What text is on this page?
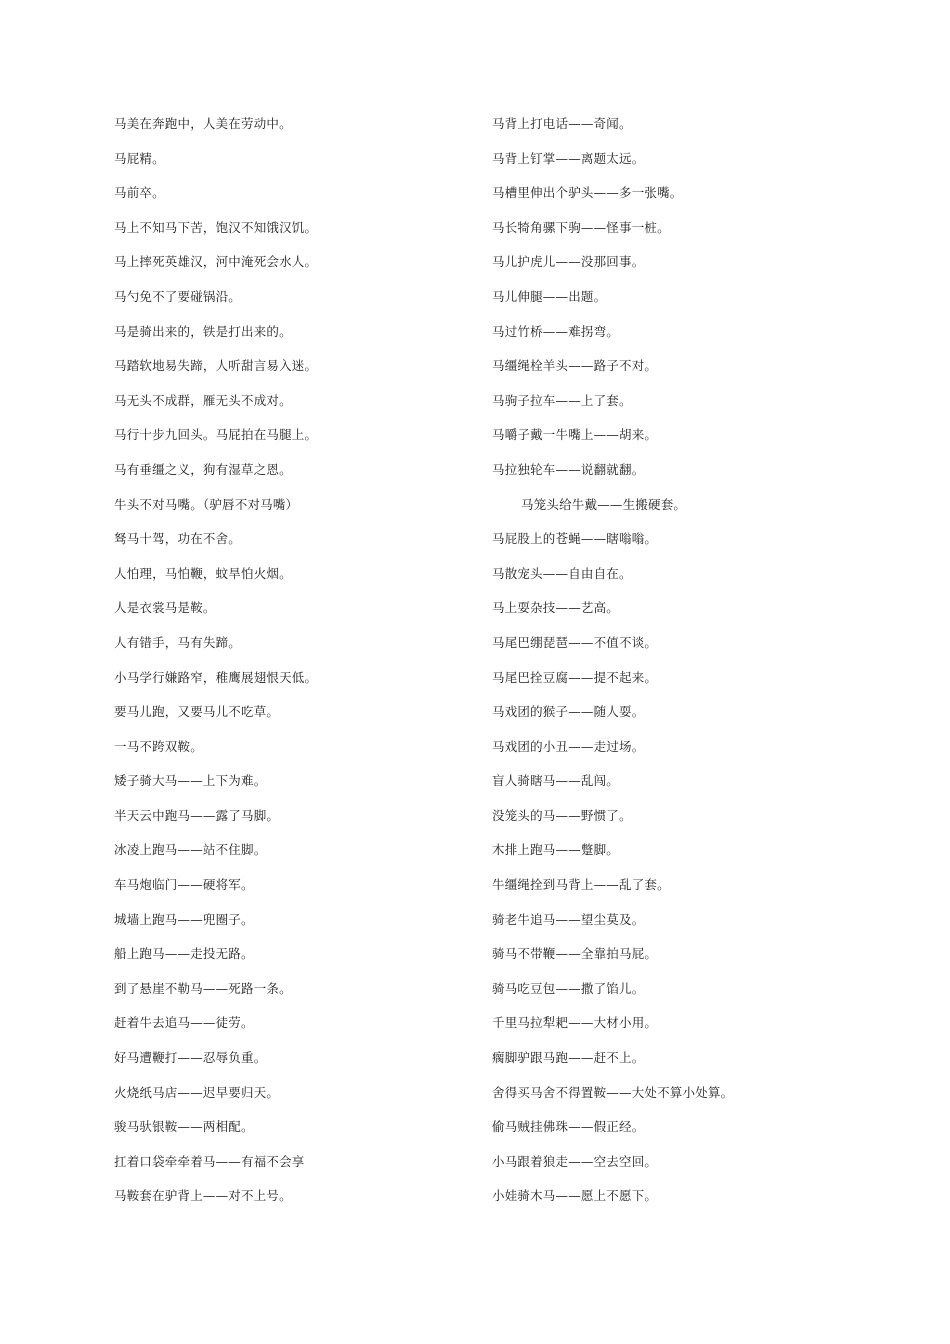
马美在奔跑中，人美在劳动中。
马屁精。
马前卒。
马上不知马下苦，饱汉不知饿汉饥。
马上摔死英雄汉，河中淹死会水人。
马勺免不了要碰锅沿。
马是骑出来的，铁是打出来的。
马踏软地易失蹄，人听甜言易入迷。
马无头不成群，雁无头不成对。
马行十步九回头。马屁拍在马腿上。
马有垂缰之义，狗有湿草之恩。
牛头不对马嘴。（驴唇不对马嘴）
驽马十驾，功在不舍。
人怕理，马怕鞭，蚊旱怕火烟。
人是衣裳马是鞍。
人有错手，马有失蹄。
小马学行嫌路窄，稚鹰展翅恨天低。
要马儿跑，又要马儿不吃草。
一马不跨双鞍。
矮子骑大马——上下为难。
半天云中跑马——露了马脚。
冰凌上跑马——站不住脚。
车马炮临门——硬将军。
城墙上跑马——兜圈子。
船上跑马——走投无路。
到了悬崖不勒马——死路一条。
赶着牛去追马——徒劳。
好马遭鞭打——忍辱负重。
火烧纸马店——迟早要归天。
骏马驮银鞍——两相配。
扛着口袋牵牵着马——有福不会享
马鞍套在驴背上——对不上号。
马背上打电话——奇闻。
马背上钉掌——离题太远。
马槽里伸出个驴头——多一张嘴。
马长犄角骡下驹——怪事一桩。
马儿护虎儿——没那回事。
马儿伸腿——出题。
马过竹桥——难拐弯。
马缰绳栓羊头——路子不对。
马驹子拉车——上了套。
马嚼子戴一牛嘴上——胡来。
马拉独轮车——说翻就翻。
马笼头给牛戴——生搬硬套。
马屁股上的苍蝇——瞎嗡嗡。
马散宠头——自由自在。
马上耍杂技——艺高。
马尾巴绷琵琶——不值不谈。
马尾巴拴豆腐——提不起来。
马戏团的猴子——随人耍。
马戏团的小丑——走过场。
盲人骑瞎马——乱闯。
没笼头的马——野惯了。
木排上跑马——蹩脚。
牛缰绳拴到马背上——乱了套。
骑老牛追马——望尘莫及。
骑马不带鞭——全靠拍马屁。
骑马吃豆包——撒了馅儿。
千里马拉犁耙——大材小用。
瘸脚驴跟马跑——赶不上。
舍得买马舍不得置鞍——大处不算小处算。
偷马贼挂佛珠——假正经。
小马跟着狼走——空去空回。
小娃骑木马——愿上不愿下。
